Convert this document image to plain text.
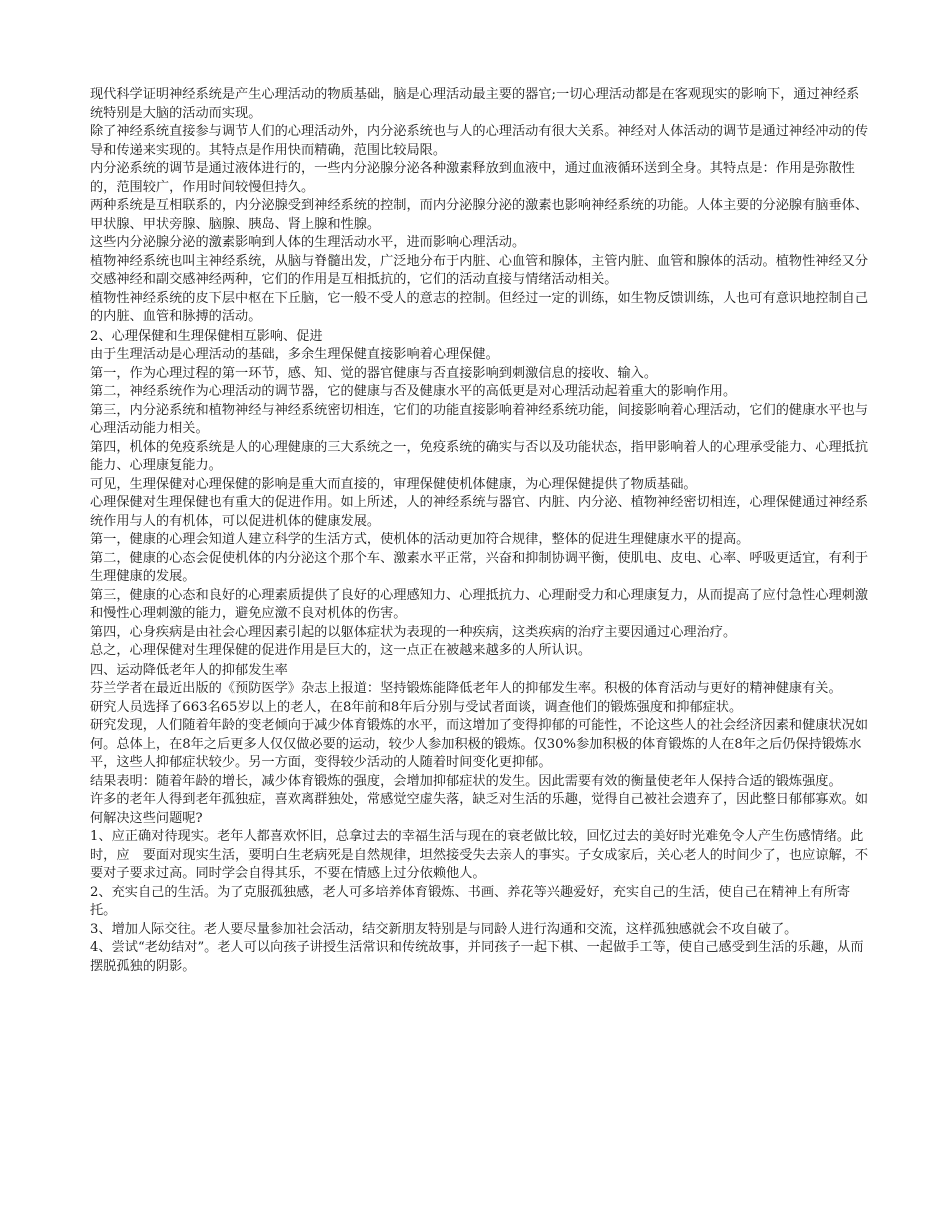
现代科学证明神经系统是产生心理活动的物质基础，脑是心理活动最主要的器官;一切心理活动都是在客观现实的影响下，通过神经系统特别是大脑的活动而实现。

除了神经系统直接参与调节人们的心理活动外，内分泌系统也与人的心理活动有很大关系。神经对人体活动的调节是通过神经冲动的传导和传递来实现的。其特点是作用快而精确，范围比较局限。

内分泌系统的调节是通过液体进行的，一些内分泌腺分泌各种激素释放到血液中，通过血液循环送到全身。其特点是：作用是弥散性的，范围较广，作用时间较慢但持久。

两种系统是互相联系的，内分泌腺受到神经系统的控制，而内分泌腺分泌的激素也影响神经系统的功能。人体主要的分泌腺有脑垂体、甲状腺、甲状旁腺、脑腺、胰岛、肾上腺和性腺。

这些内分泌腺分泌的激素影响到人体的生理活动水平，进而影响心理活动。

植物神经系统也叫主神经系统，从脑与脊髓出发，广泛地分布于内脏、心血管和腺体，主管内脏、血管和腺体的活动。植物性神经又分交感神经和副交感神经两种，它们的作用是互相抵抗的，它们的活动直接与情绪活动相关。

植物性神经系统的皮下层中枢在下丘脑，它一般不受人的意志的控制。但经过一定的训练，如生物反馈训练，人也可有意识地控制自己的内脏、血管和脉搏的活动。

2、心理保健和生理保健相互影响、促进

由于生理活动是心理活动的基础，多余生理保健直接影响着心理保健。

第一，作为心理过程的第一环节，感、知、觉的器官健康与否直接影响到刺激信息的接收、输入。

第二，神经系统作为心理活动的调节器，它的健康与否及健康水平的高低更是对心理活动起着重大的影响作用。

第三，内分泌系统和植物神经与神经系统密切相连，它们的功能直接影响着神经系统功能，间接影响着心理活动，它们的健康水平也与心理活动能力相关。

第四，机体的免疫系统是人的心理健康的三大系统之一，免疫系统的确实与否以及功能状态，指甲影响着人的心理承受能力、心理抵抗能力、心理康复能力。

可见，生理保健对心理保健的影响是重大而直接的，审理保健使机体健康，为心理保健提供了物质基础。

心理保健对生理保健也有重大的促进作用。如上所述，人的神经系统与器官、内脏、内分泌、植物神经密切相连，心理保健通过神经系统作用与人的有机体，可以促进机体的健康发展。

第一，健康的心理会知道人建立科学的生活方式，使机体的活动更加符合规律，整体的促进生理健康水平的提高。

第二，健康的心态会促使机体的内分泌这个那个车、激素水平正常，兴奋和抑制协调平衡，使肌电、皮电、心率、呼吸更适宜，有利于生理健康的发展。

第三，健康的心态和良好的心理素质提供了良好的心理感知力、心理抵抗力、心理耐受力和心理康复力，从而提高了应付急性心理刺激和慢性心理刺激的能力，避免应激不良对机体的伤害。

第四，心身疾病是由社会心理因素引起的以躯体症状为表现的一种疾病，这类疾病的治疗主要因通过心理治疗。

总之，心理保健对生理保健的促进作用是巨大的，这一点正在被越来越多的人所认识。

四、运动降低老年人的抑郁发生率

芬兰学者在最近出版的《预防医学》杂志上报道：坚持锻炼能降低老年人的抑郁发生率。积极的体育活动与更好的精神健康有关。

研究人员选择了663名65岁以上的老人，在8年前和8年后分别与受试者面谈，调查他们的锻炼强度和抑郁症状。

研究发现，人们随着年龄的变老倾向于减少体育锻炼的水平，而这增加了变得抑郁的可能性，不论这些人的社会经济因素和健康状况如何。总体上，在8年之后更多人仅仅做必要的运动，较少人参加积极的锻炼。仅30%参加积极的体育锻炼的人在8年之后仍保持锻炼水平，这些人抑郁症状较少。另一方面，变得较少活动的人随着时间变化更抑郁。

结果表明：随着年龄的增长，减少体育锻炼的强度，会增加抑郁症状的发生。因此需要有效的衡量使老年人保持合适的锻炼强度。

许多的老年人得到老年孤独症，喜欢离群独处，常感觉空虚失落，缺乏对生活的乐趣，觉得自己被社会遗弃了，因此整日郁郁寡欢。如何解决这些问题呢?

1、应正确对待现实。老年人都喜欢怀旧，总拿过去的幸福生活与现在的衰老做比较，回忆过去的美好时光难免令人产生伤感情绪。此时，应　要面对现实生活，要明白生老病死是自然规律，坦然接受失去亲人的事实。子女成家后，关心老人的时间少了，也应谅解，不要对子要求过高。同时学会自得其乐，不要在情感上过分依赖他人。

2、充实自己的生活。为了克服孤独感，老人可多培养体育锻炼、书画、养花等兴趣爱好，充实自己的生活，使自己在精神上有所寄托。

3、增加人际交往。老人要尽量参加社会活动，结交新朋友特别是与同龄人进行沟通和交流，这样孤独感就会不攻自破了。

4、尝试“老幼结对”。老人可以向孩子讲授生活常识和传统故事，并同孩子一起下棋、一起做手工等，使自己感受到生活的乐趣，从而摆脱孤独的阴影。
